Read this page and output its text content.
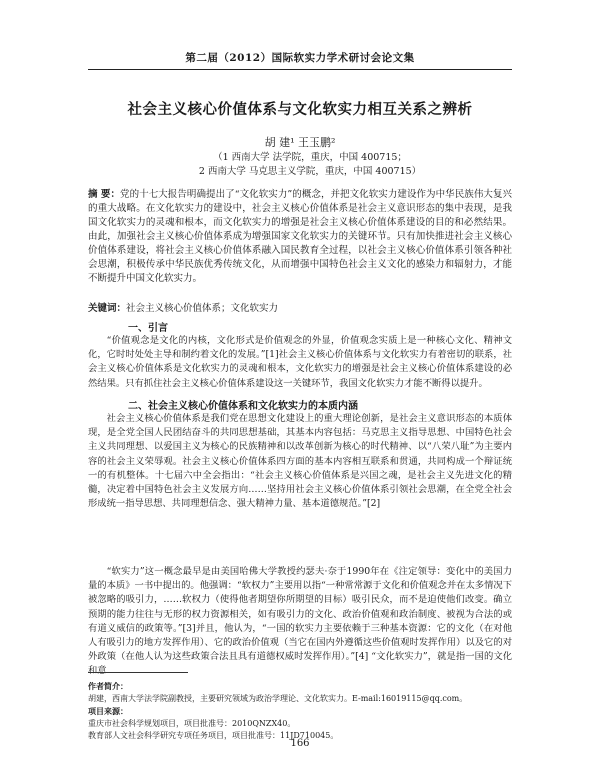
第二届（2012）国际软实力学术研讨会论文集
社会主义核心价值体系与文化软实力相互关系之辨析
胡 建¹ 王玉鹏²
（1 西南大学 法学院，重庆，中国 400715；
2 西南大学 马克思主义学院，重庆，中国 400715）
摘 要：党的十七大报告明确提出了“文化软实力”的概念，并把文化软实力建设作为中华民族伟大复兴的重大战略。在文化软实力的建设中，社会主义核心价值体系是社会主义意识形态的集中表现，是我国文化软实力的灵魂和根本，而文化软实力的增强是社会主义核心价值体系建设的目的和必然结果。由此，加强社会主义核心价值体系成为增强国家文化软实力的关键环节。只有加快推进社会主义核心价值体系建设，将社会主义核心价值体系融入国民教育全过程，以社会主义核心价值体系引领各种社会思潮，积极传承中华民族优秀传统文化，从而增强中国特色社会主义文化的感染力和辐射力，才能不断提升中国文化软实力。
关键词：社会主义核心价值体系；文化软实力
一、引言
“价值观念是文化的内核，文化形式是价值观念的外显，价值观念实质上是一种核心文化、精神文化，它时时处处主导和制约着文化的发展。”[1]社会主义核心价值体系与文化软实力有着密切的联系，社会主义核心价值体系是文化软实力的灵魂和根本，文化软实力的增强是社会主义核心价值体系建设的必然结果。只有抓住社会主义核心价值体系建设这一关键环节，我国文化软实力才能不断得以提升。
二、社会主义核心价值体系和文化软实力的本质内涵
社会主义核心价值体系是我们党在思想文化建设上的重大理论创新，是社会主义意识形态的本质体现，是全党全国人民团结奋斗的共同思想基础，其基本内容包括：马克思主义指导思想、中国特色社会主义共同理想、以爱国主义为核心的民族精神和以改革创新为核心的时代精神、以“八荣八耻”为主要内容的社会主义荣辱观。社会主义核心价值体系四方面的基本内容相互联系和贯通，共同构成一个辩证统一的有机整体。十七届六中全会指出：“社会主义核心价值体系是兴国之魂，是社会主义先进文化的精髓，决定着中国特色社会主义发展方向……坚持用社会主义核心价值体系引领社会思潮，在全党全社会形成统一指导思想、共同理想信念、强大精神力量、基本道德规范。”[2]
“软实力”这一概念最早是由美国哈佛大学教授约瑟夫·奈于1990年在《注定领导：变化中的美国力量的本质》一书中提出的。他强调：“软权力”主要用以指“一种常常源于文化和价值观念并在太多情况下被忽略的吸引力，……软权力（使得他者期望你所期望的目标）吸引民众，而不是迫使他们改变。确立预期的能力往往与无形的权力资源相关，如有吸引力的文化、政治价值观和政治制度、被视为合法的或有道义威信的政策等。”[3]并且，他认为，“一国的软实力主要依赖于三种基本资源：它的文化（在对他人有吸引力的地方发挥作用）、它的政治价值观（当它在国内外遵循这些价值观时发挥作用）以及它的对外政策（在他人认为这些政策合法且具有道德权威时发挥作用）。”[4] “文化软实力”，就是指一国的文化和意
作者简介：
胡建，西南大学法学院副教授，主要研究领域为政治学理论、文化软实力。E-mail:16019115@qq.com。
项目来源：
重庆市社会科学规划项目，项目批准号：2010QNZX40。
教育部人文社会科学研究专项任务项目，项目批准号：11JD710045。
166
